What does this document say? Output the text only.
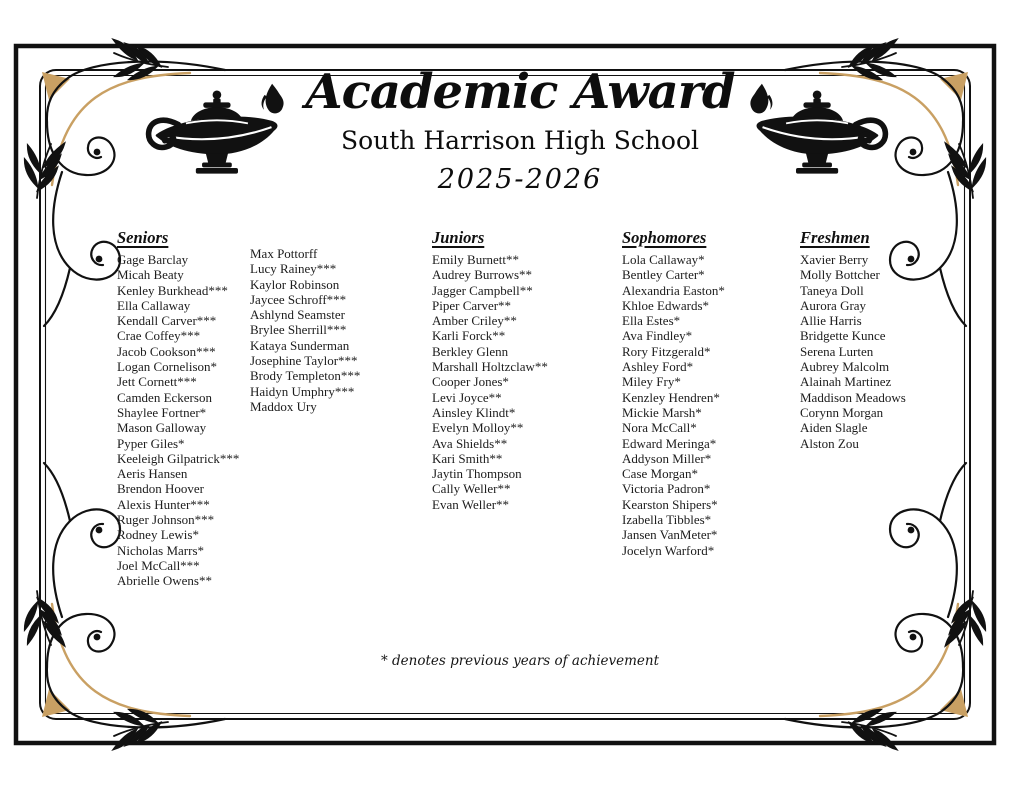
Academic Award
South Harrison High School
2025-2026
Seniors
Gage Barclay
Micah Beaty
Kenley Burkhead***
Ella Callaway
Kendall Carver***
Crae Coffey***
Jacob Cookson***
Logan Cornelison*
Jett Cornett***
Camden Eckerson
Shaylee Fortner*
Mason Galloway
Pyper Giles*
Keeleigh Gilpatrick***
Aeris Hansen
Brendon Hoover
Alexis Hunter***
Ruger Johnson***
Rodney Lewis*
Nicholas Marrs*
Joel McCall***
Abrielle Owens**
Max Pottorff
Lucy Rainey***
Kaylor Robinson
Jaycee Schroff***
Ashlynd Seamster
Brylee Sherrill***
Kataya Sunderman
Josephine Taylor***
Brody Templeton***
Haidyn Umphry***
Maddox Ury
Juniors
Emily Burnett**
Audrey Burrows**
Jagger Campbell**
Piper Carver**
Amber Criley**
Karli Forck**
Berkley Glenn
Marshall Holtzclaw**
Cooper Jones*
Levi Joyce**
Ainsley Klindt*
Evelyn Molloy**
Ava Shields**
Kari Smith**
Jaytin Thompson
Cally Weller**
Evan Weller**
Sophomores
Lola Callaway*
Bentley Carter*
Alexandria Easton*
Khloe Edwards*
Ella Estes*
Ava Findley*
Rory Fitzgerald*
Ashley Ford*
Miley Fry*
Kenzley Hendren*
Mickie Marsh*
Nora McCall*
Edward Meringa*
Addyson Miller*
Case Morgan*
Victoria Padron*
Kearston Shipers*
Izabella Tibbles*
Jansen VanMeter*
Jocelyn Warford*
Freshmen
Xavier Berry
Molly Bottcher
Taneya Doll
Aurora Gray
Allie Harris
Bridgette Kunce
Serena Lurten
Aubrey Malcolm
Alainah Martinez
Maddison Meadows
Corynn Morgan
Aiden Slagle
Alston Zou
* denotes previous years of achievement
